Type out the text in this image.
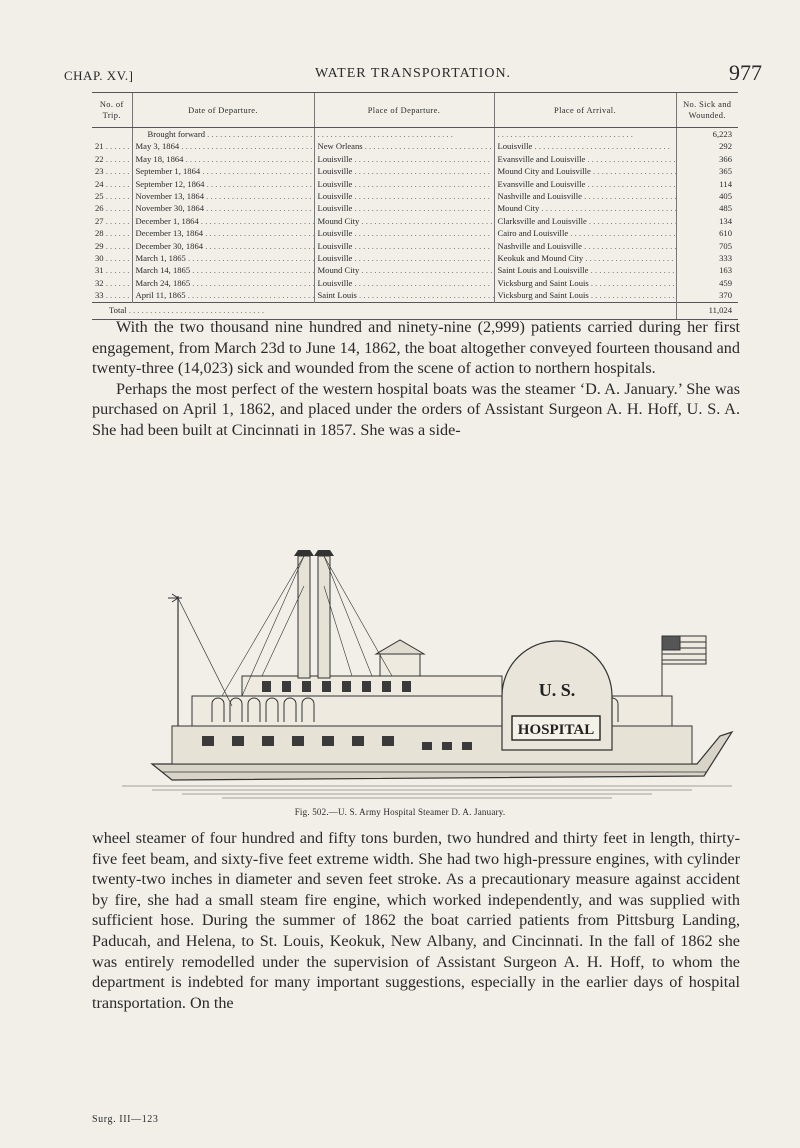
CHAP. XV.]	WATER TRANSPORTATION.	977
No. of Trip.	Date of Departure.	Place of Departure.	Place of Arrival.	No. Sick and Wounded.
	Brought forward . . .	. . .	. . .	6,223
21 . . .	May 3, 1864 . . .	New Orleans . . .	Louisville . . .	292
22 . . .	May 18, 1864 . . .	Louisville . . .	Evansville and Louisville . . .	366
23 . . .	September 1, 1864 . . .	Louisville . . .	Mound City and Louisville . . .	365
24 . . .	September 12, 1864 . . .	Louisville . . .	Evansville and Louisville . . .	114
25 . . .	November 13, 1864 . . .	Louisville . . .	Nashville and Louisville . . .	405
26 . . .	November 30, 1864 . . .	Louisville . . .	Mound City . . .	485
27 . . .	December 1, 1864 . . .	Mound City . . .	Clarksville and Louisville . . .	134
28 . . .	December 13, 1864 . . .	Louisville . . .	Cairo and Louisville . . .	610
29 . . .	December 30, 1864 . . .	Louisville . . .	Nashville and Louisville . . .	705
30 . . .	March 1, 1865 . . .	Louisville . . .	Keokuk and Mound City . . .	333
31 . . .	March 14, 1865 . . .	Mound City . . .	Saint Louis and Louisville . . .	163
32 . . .	March 24, 1865 . . .	Louisville . . .	Vicksburg and Saint Louis . . .	459
33 . . .	April 11, 1865 . . .	Saint Louis . . .	Vicksburg and Saint Louis . . .	370
Total . . .				11,024

With the two thousand nine hundred and ninety-nine (2,999) patients carried during her first engagement, from March 23d to June 14, 1862, the boat altogether conveyed fourteen thousand and twenty-three (14,023) sick and wounded from the scene of action to northern hospitals.

Perhaps the most perfect of the western hospital boats was the steamer ‘D. A. January.’ She was purchased on April 1, 1862, and placed under the orders of Assistant Surgeon A. H. Hoff, U. S. A. She had been built at Cincinnati in 1857. She was a side-

U. S.
HOSPITAL
Fig. 502.—U. S. Army Hospital Steamer D. A. January.

wheel steamer of four hundred and fifty tons burden, two hundred and thirty feet in length, thirty-five feet beam, and sixty-five feet extreme width. She had two high-pressure engines, with cylinder twenty-two inches in diameter and seven feet stroke. As a precautionary measure against accident by fire, she had a small steam fire engine, which worked independently, and was supplied with sufficient hose. During the summer of 1862 the boat carried patients from Pittsburg Landing, Paducah, and Helena, to St. Louis, Keokuk, New Albany, and Cincinnati. In the fall of 1862 she was entirely remodelled under the supervision of Assistant Surgeon A. H. Hoff, to whom the department is indebted for many important suggestions, especially in the earlier days of hospital transportation. On the

Surg. III—123
